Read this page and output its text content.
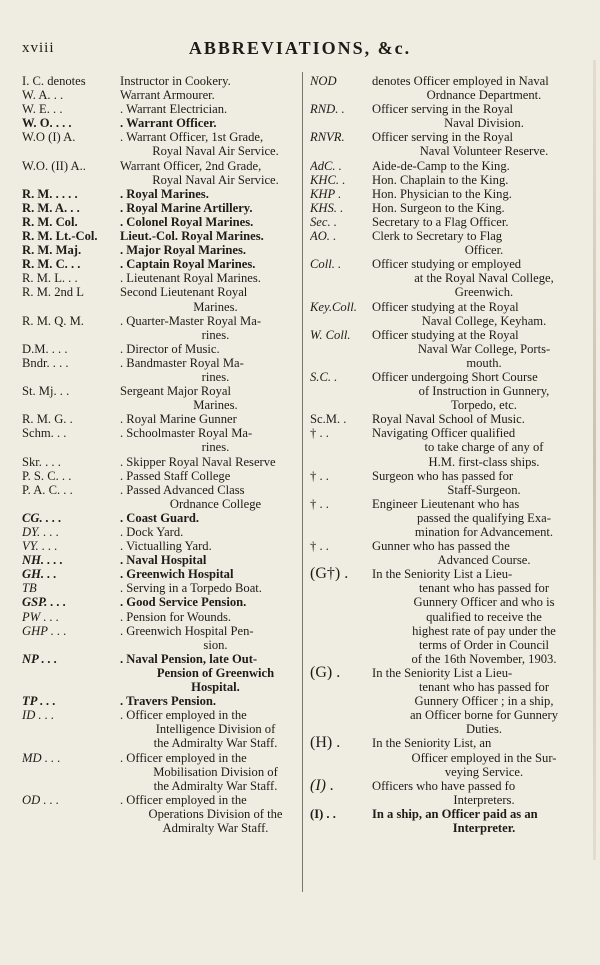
xviii	ABBREVIATIONS, &c.
I. C. denotes	Instructor in Cookery.
W. A. . .	Warrant Armourer.
W. E. . .	. Warrant Electrician.
W. O. . . .	. Warrant Officer.
W.O (I) A.	. Warrant Officer, 1st Grade,
Royal Naval Air Service.
W.O. (II) A..	Warrant Officer, 2nd Grade,
Royal Naval Air Service.
R. M. . . . .	. Royal Marines.
R. M. A. . .	. Royal Marine Artillery.
R. M. Col.	. Colonel Royal Marines.
R. M. Lt.-Col.	Lieut.-Col. Royal Marines.
R. M. Maj.	. Major Royal Marines.
R. M. C. . .	. Captain Royal Marines.
R. M. L. . .	. Lieutenant Royal Marines.
R. M. 2nd L	Second Lieutenant Royal
Marines.
R. M. Q. M.	. Quarter-Master Royal Ma-
rines.
D.M. . . .	. Director of Music.
Bndr. . . .	. Bandmaster Royal Ma-
rines.
St. Mj. . .	Sergeant Major Royal
Marines.
R. M. G. .	. Royal Marine Gunner
Schm. . .	. Schoolmaster Royal Ma-
rines.
Skr. . . .	. Skipper Royal Naval Reserve
P. S. C. . .	. Passed Staff College
P. A. C. . .	. Passed Advanced Class
Ordnance College
CG. . . .	. Coast Guard.
DY. . . .	. Dock Yard.
VY. . . .	. Victualling Yard.
NH. . . .	. Naval Hospital
GH. . .	. Greenwich Hospital
TB	. Serving in a Torpedo Boat.
GSP. . . .	. Good Service Pension.
PW . . .	. Pension for Wounds.
GHP . . .	. Greenwich Hospital Pen-
sion.
NP . . .	. Naval Pension, late Out-
Pension of Greenwich
Hospital.
TP . . .	. Travers Pension.
ID . . .	. Officer employed in the
Intelligence Division of
the Admiralty War Staff.
MD . . .	. Officer employed in the
Mobilisation Division of
the Admiralty War Staff.
OD . . .	. Officer employed in the
Operations Division of the
Admiralty War Staff.
NOD	denotes Officer employed in Naval
Ordnance Department.
RND. .	Officer serving in the Royal
Naval Division.
RNVR.	Officer serving in the Royal
Naval Volunteer Reserve.
AdC. .	Aide-de-Camp to the King.
KHC. .	Hon. Chaplain to the King.
KHP .	Hon. Physician to the King.
KHS. .	Hon. Surgeon to the King.
Sec. .	Secretary to a Flag Officer.
AO. .	Clerk to Secretary to Flag
Officer.
Coll. .	Officer studying or employed
at the Royal Naval College,
Greenwich.
Key.Coll.	Officer studying at the Royal
Naval College, Keyham.
W. Coll.	Officer studying at the Royal
Naval War College, Ports-
mouth.
S.C. .	Officer undergoing Short Course
of Instruction in Gunnery,
Torpedo, etc.
Sc.M. .	Royal Naval School of Music.
† . .	Navigating Officer qualified
to take charge of any of
H.M. first-class ships.
† . .	Surgeon who has passed for
Staff-Surgeon.
† . .	Engineer Lieutenant who has
passed the qualifying Exa-
mination for Advancement.
† . .	Gunner who has passed the
Advanced Course.
(G†) .	In the Seniority List a Lieu-
tenant who has passed for
Gunnery Officer and who is
qualified to receive the
highest rate of pay under the
terms of Order in Council
of the 16th November, 1903.
(G) .	In the Seniority List a Lieu-
tenant who has passed for
Gunnery Officer ; in a ship,
an Officer borne for Gunnery
Duties.
(H) .	In the Seniority List, an
Officer employed in the Sur-
veying Service.
(I) .	Officers who have passed fo
Interpreters.
(I) . .	In a ship, an Officer paid as an
Interpreter.
